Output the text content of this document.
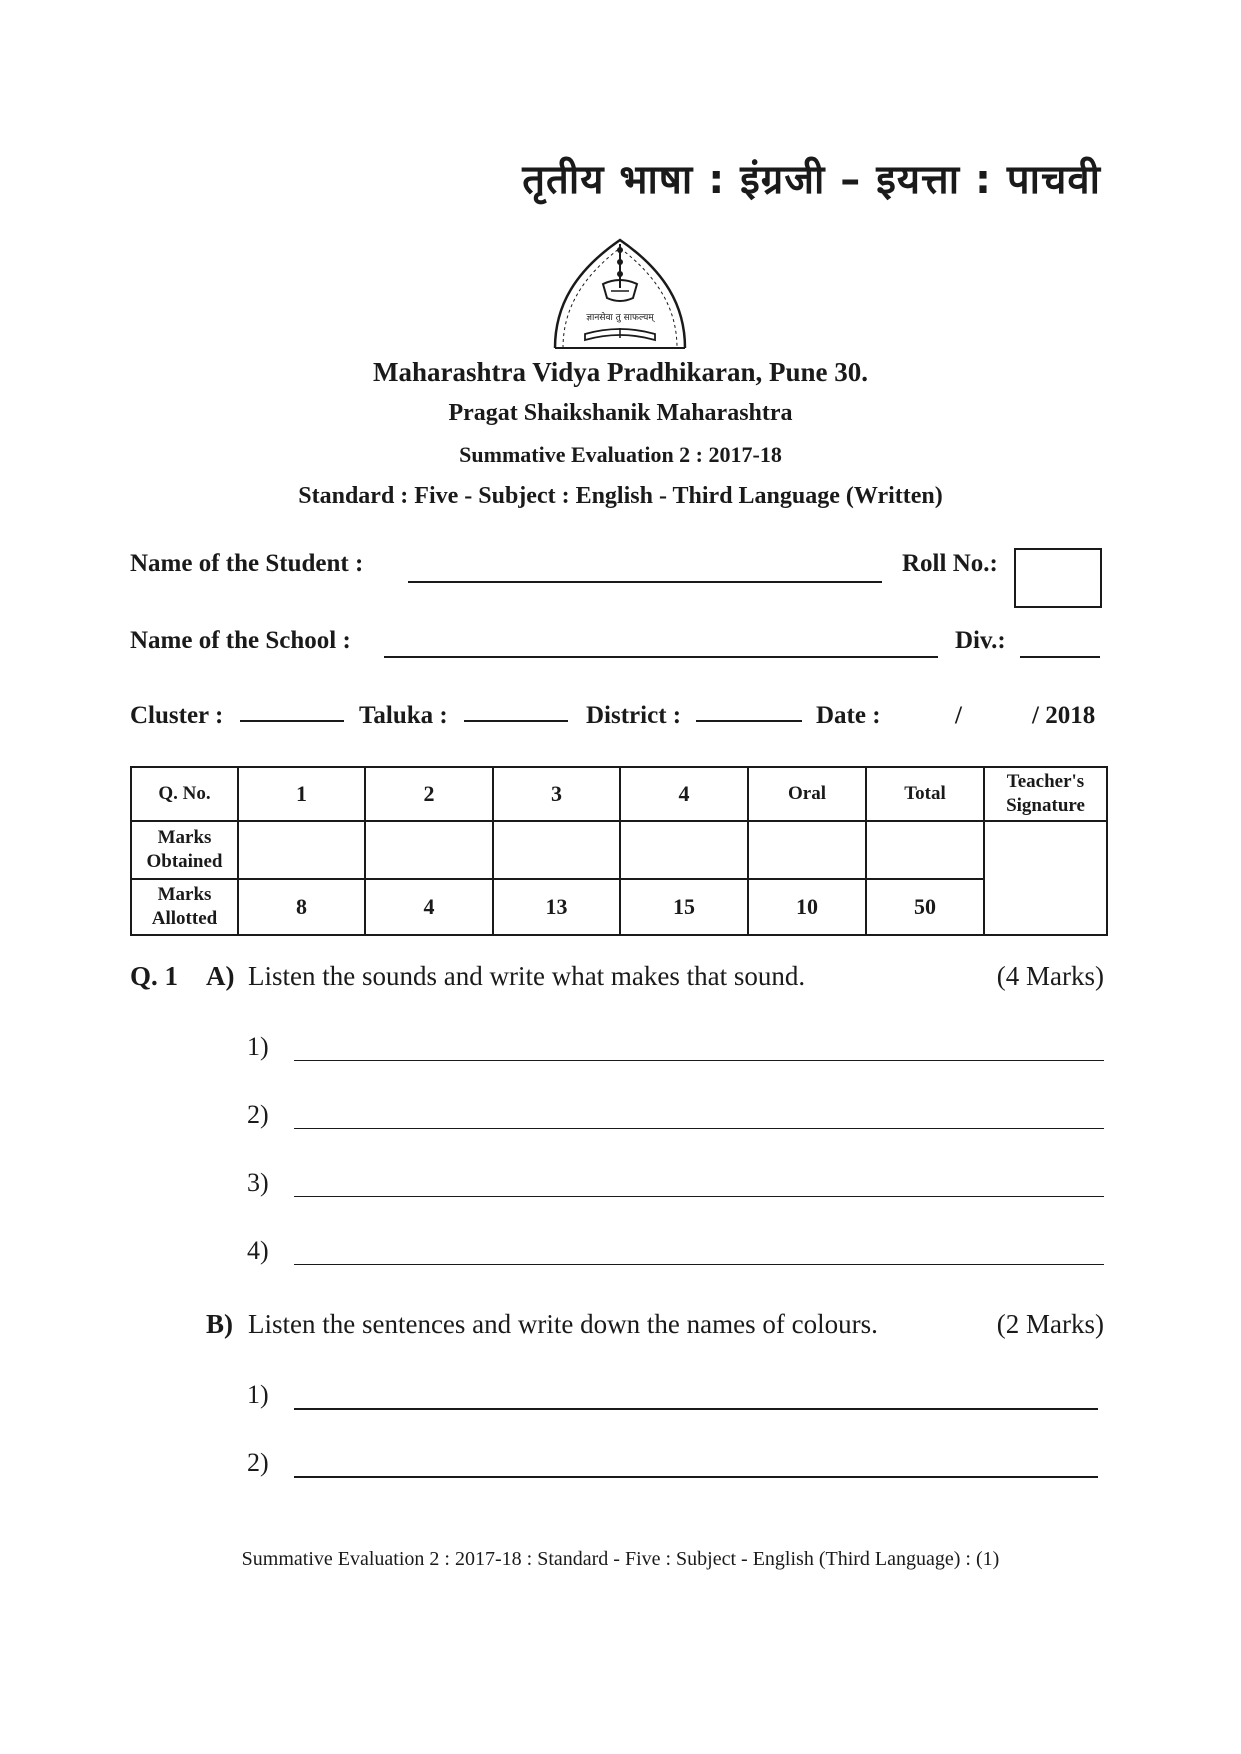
तृतीय भाषा : इंग्रजी – इयत्ता : पाचवी
ज्ञानसेवा तु साफल्यम्
Maharashtra Vidya Pradhikaran, Pune 30.
Pragat Shaikshanik Maharashtra
Summative Evaluation 2 : 2017-18
Standard : Five - Subject : English - Third Language (Written)
Name of the Student :	Roll No.:
Name of the School :	Div.:
Cluster :	Taluka :	District :	Date :	/	/ 2018
Q. No.	1	2	3	4	Oral	Total	Teacher's Signature
Marks Obtained							
Marks Allotted	8	4	13	15	10	50	
Q. 1 A) Listen the sounds and write what makes that sound.	(4 Marks)
1)
2)
3)
4)
B) Listen the sentences and write down the names of colours.	(2 Marks)
1)
2)
Summative Evaluation 2 : 2017-18 : Standard - Five : Subject - English (Third Language) : (1)
